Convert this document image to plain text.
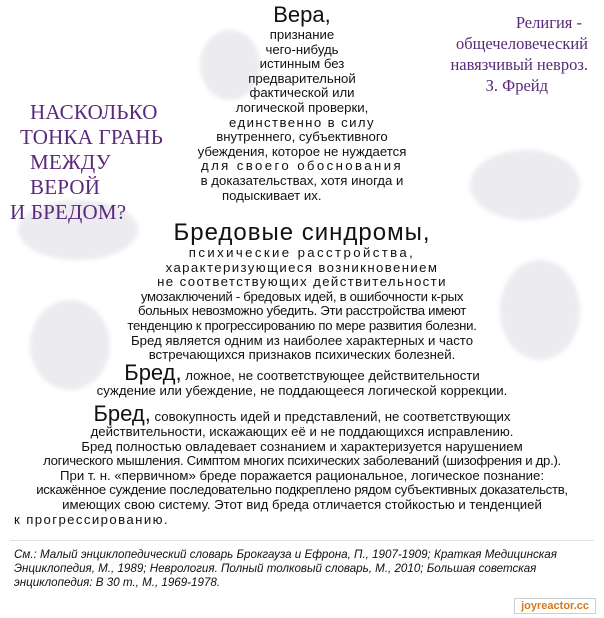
НАСКОЛЬКО
ТОНКА ГРАНЬ
МЕЖДУ ВЕРОЙ
И БРЕДОМ?
Религия -
общечеловеческий
навязчивый невроз.
З. Фрейд
Вера,
признание
чего-нибудь
истинным без
предварительной
фактической или
логической проверки,
единственно в силу
внутреннего, субъективного
убеждения, которое не нуждается
для своего обоснования
в доказательствах, хотя иногда и
подыскивает их.
Бредовые синдромы,
психические расстройства,
характеризующиеся возникновением
не соответствующих действительности
умозаключений - бредовых идей, в ошибочности к-рых
больных невозможно убедить. Эти расстройства имеют
тенденцию к прогрессированию по мере развития болезни.
Бред является одним из наиболее характерных и часто
встречающихся признаков психических болезней.
Бред, ложное, не соответствующее действительности
суждение или убеждение, не поддающееся логической коррекции.
Бред, совокупность идей и представлений, не соответствующих
действительности, искажающих её и не поддающихся исправлению.
Бред полностью овладевает сознанием и характеризуется нарушением
логического мышления. Симптом многих психических заболеваний (шизофрения и др.).
При т. н. «первичном» бреде поражается рациональное, логическое познание:
искажённое суждение последовательно подкреплено рядом субъективных доказательств,
имеющих свою систему. Этот вид бреда отличается стойкостью и тенденцией
к прогрессированию.
См.: Малый энциклопедический словарь Брокгауза и Ефрона, П., 1907-1909; Краткая Медицинская Энциклопедия, М., 1989; Неврология. Полный толковый словарь, М., 2010; Большая советская энциклопедия: В 30 т., М., 1969-1978.
joyreactor.cc
